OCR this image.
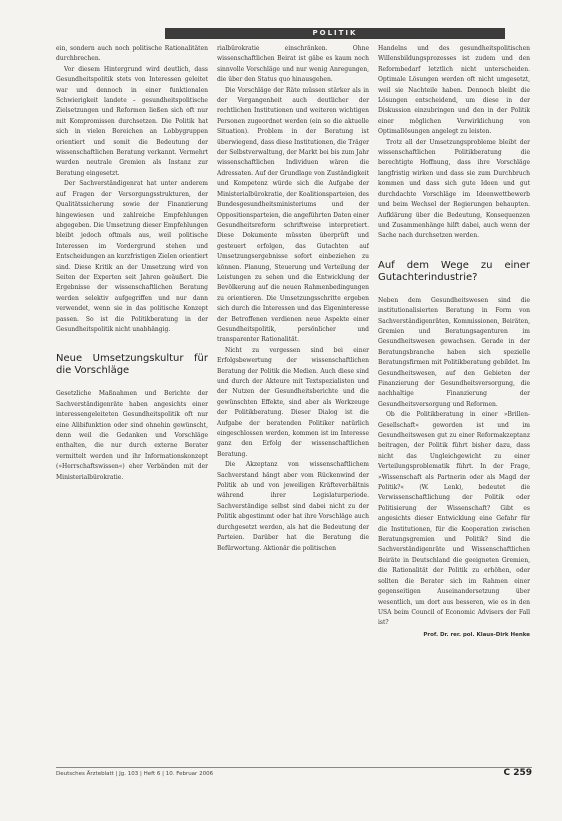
POLITIK

ein, sondern auch noch politische Rationalitäten durchbrechen.

Vor diesem Hintergrund wird deutlich, dass Gesundheitspolitik stets von Interessen geleitet war und dennoch in einer funktionalen Schwierigkeit landete – gesundheitspolitische Zielsetzungen und Reformen ließen sich oft nur mit Kompromissen durchsetzen. Die Politik hat sich in vielen Bereichen an Lobbygruppen orientiert und somit die Bedeutung der wissenschaftlichen Beratung verkannt. Vermehrt wurden neutrale Gremien als Instanz zur Beratung eingesetzt.

Der Sachverständigenrat hat unter anderem auf Fragen der Versorgungsstrukturen, der Qualitätssicherung sowie der Finanzierung hingewiesen und zahlreiche Empfehlungen abgegeben. Die Umsetzung dieser Empfehlungen bleibt jedoch oftmals aus, weil politische Interessen im Vordergrund stehen und Entscheidungen an kurzfristigen Zielen orientiert sind. Diese Kritik an der Umsetzung wird von Seiten der Experten seit Jahren geäußert. Die Ergebnisse der wissenschaftlichen Beratung werden selektiv aufgegriffen und nur dann verwendet, wenn sie in das politische Konzept passen. So ist die Politikberatung in der Gesundheitspolitik nicht unabhängig.

Neue Umsetzungskultur für die Vorschläge

Gesetzliche Maßnahmen und Berichte der Sachverständigenräte haben angesichts einer interessengeleiteten Gesundheitspolitik oft nur eine Alibifunktion oder sind ohnehin gewünscht, denn weil die Gedanken und Vorschläge enthalten, die nur durch externe Berater vermittelt werden und ihr Informationskonzept (»Herrschaftswissen«) eher Verbänden mit der Ministerialbürokratie.

rialbürokratie einschränken. Ohne wissenschaftlichen Beirat ist gäbe es kaum noch sinnvolle Vorschläge und nur wenig Anregungen, die über den Status quo hinausgehen.

Die Vorschläge der Räte müssen stärker als in der Vergangenheit auch deutlicher der rechtlichen Institutionen und weiteren wichtigen Personen zugeordnet werden (ein so die aktuelle Situation). Problem in der Beratung ist überwiegend, dass diese Institutionen, die Träger der Selbstverwaltung, der Markt bei bis zum Jahr wissenschaftlichen Individuen wären die Adressaten. Auf der Grundlage von Zuständigkeit und Kompetenz würde sich die Aufgabe der Ministerialbürokratie, der Koalitionsparteien, des Bundesgesundheitsministeriums und der Oppositionsparteien, die angeführten Daten einer Gesundheitsreform schriftweise interpretiert. Diese Dokumente müssten überprüft und gesteuert erfolgen, das Gutachten auf Umsetzungsergebnisse sofort einbeziehen zu können. Planung, Steuerung und Verteilung der Leistungen zu sehen und die Entwicklung der Bevölkerung auf die neuen Rahmenbedingungen zu orientieren. Die Umsetzungsschritte ergeben sich durch die Interessen und das Eigeninteresse der Betroffenen verdienen neue Aspekte einer Gesundheitspolitik, persönlicher und transparenter Rationalität.

Nicht zu vergessen sind bei einer Erfolgsbewertung der wissenschaftlichen Beratung der Politik die Medien. Auch diese sind und durch der Akteure mit Textspezialisten und der Nutzen der Gesundheitsberichte und die gewünschten Effekte, sind aber als Werkzeuge der Politikberatung. Dieser Dialog ist die Aufgabe der beratenden Politiker natürlich eingeschlossen werden, kommen ist im Interesse ganz den Erfolg der wissenschaftlichen Beratung.

Die Akzeptanz von wissenschaftlichem Sachverstand hängt aber vom Rückenwind der Politik ab und von jeweiligen Kräfteverhältnis während ihrer Legislaturperiode. Sachverständige selbst sind dabei nicht zu der Politik abgestimmt oder hat ihre Vorschläge auch durchgesetzt werden, als hat die Bedeutung der Parteien. Darüber hat die Beratung die Befürwortung. Aktionär die politischen

Handelns und des gesundheitspolitischen Willensbildungsprozesses ist zudem und den Reformbedarf letztlich nicht unterscheiden. Optimale Lösungen werden oft nicht umgesetzt, weil sie Nachteile haben. Dennoch bleibt die Lösungen entscheidend, um diese in der Diskussion einzubringen und den in der Politik einer möglichen Verwirklichung von Optimallösungen angelegt zu leisten.

Trotz all der Umsetzungsprobleme bleibt der wissenschaftlichen Politikberatung die berechtigte Hoffnung, dass ihre Vorschläge langfristig wirken und dass sie zum Durchbruch kommen und dass sich gute Ideen und gut durchdachte Vorschläge im Ideenwettbewerb und beim Wechsel der Regierungen behaupten. Aufklärung über die Bedeutung, Konsequenzen und Zusammenhänge hilft dabei, auch wenn der Sache nach durchsetzen werden.

Auf dem Wege zu einer Gutachterindustrie?

Neben dem Gesundheitswesen sind die institutionalisierten Beratung in Form von Sachverständigenräten, Kommissionen, Beiräten, Gremien und Beratungsagenturen im Gesundheitswesen gewachsen. Gerade in der Beratungsbranche haben sich spezielle Beratungsfirmen mit Politikberatung gebildet. Im Gesundheitswesen, auf den Gebieten der Finanzierung der Gesundheitsversorgung, die nachhaltige Finanzierung der Gesundheitsversorgung und Reformen.

Ob die Politikberatung in einer »Brillen-Gesellschaft« geworden ist und im Gesundheitswesen gut zu einer Reformakzeptanz beitragen, der Politik führt bisher dazu, dass nicht das Ungleichgewicht zu einer Verteilungsproblematik führt. In der Frage, »Wissenschaft als Partnerin oder als Magd der Politik?« (W. Lenk), bedeutet die Verwissenschaftlichung der Politik oder Politisierung der Wissenschaft? Gibt es angesichts dieser Entwicklung eine Gefahr für die Institutionen, für die Kooperation zwischen Beratungsgremien und Politik? Sind die Sachverständigenräte und Wissenschaftlichen Beiräte in Deutschland die geeigneten Gremien, die Rationalität der Politik zu erhöhen, oder sollten die Berater sich im Rahmen einer gegenseitigen Auseinandersetzung über wesentlich, um dort aus besseren, wie es in den USA beim Council of Economic Advisers der Fall ist?

Prof. Dr. rer. pol. Klaus-Dirk Henke
Deutsches Ärzteblatt | Jg. 103 | Heft 6 | 10. Februar 2006	C 259
